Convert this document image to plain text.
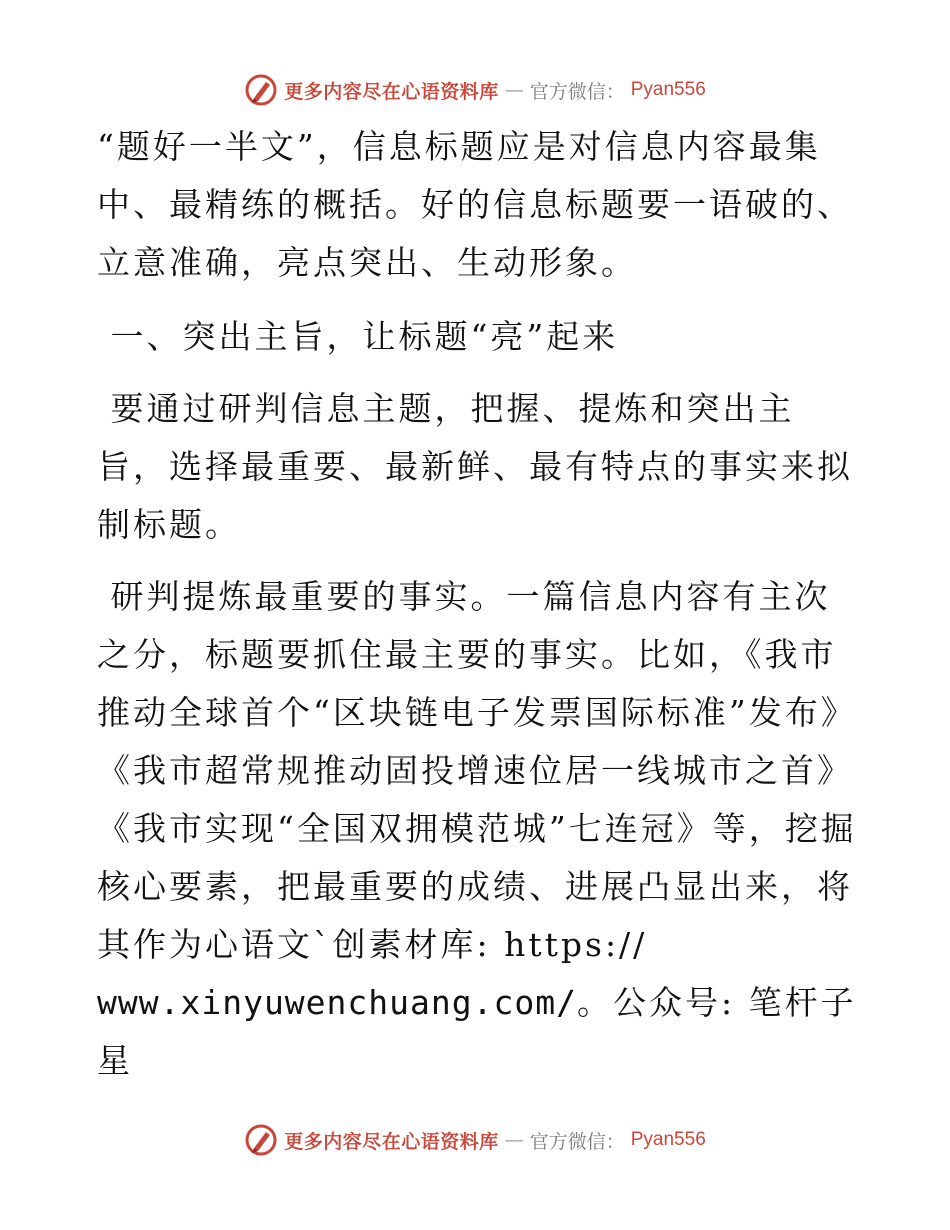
更多内容尽在心语资料库 — 官方微信： Pyan556

“题好一半文”，信息标题应是对信息内容最集中、最精练的概括。好的信息标题要一语破的、立意准确，亮点突出、生动形象。

一、突出主旨，让标题“亮”起来

要通过研判信息主题，把握、提炼和突出主旨，选择最重要、最新鲜、最有特点的事实来拟制标题。

研判提炼最重要的事实。一篇信息内容有主次之分，标题要抓住最主要的事实。比如，《我市推动全球首个“区块链电子发票国际标准”发布》《我市超常规推动固投增速位居一线城市之首》《我市实现“全国双拥模范城”七连冠》等，挖掘核心要素，把最重要的成绩、进展凸显出来，将其作为心语文`创素材库: https://
www.xinyuwenchuang.com/。公众号: 笔杆子星

更多内容尽在心语资料库 — 官方微信： Pyan556
